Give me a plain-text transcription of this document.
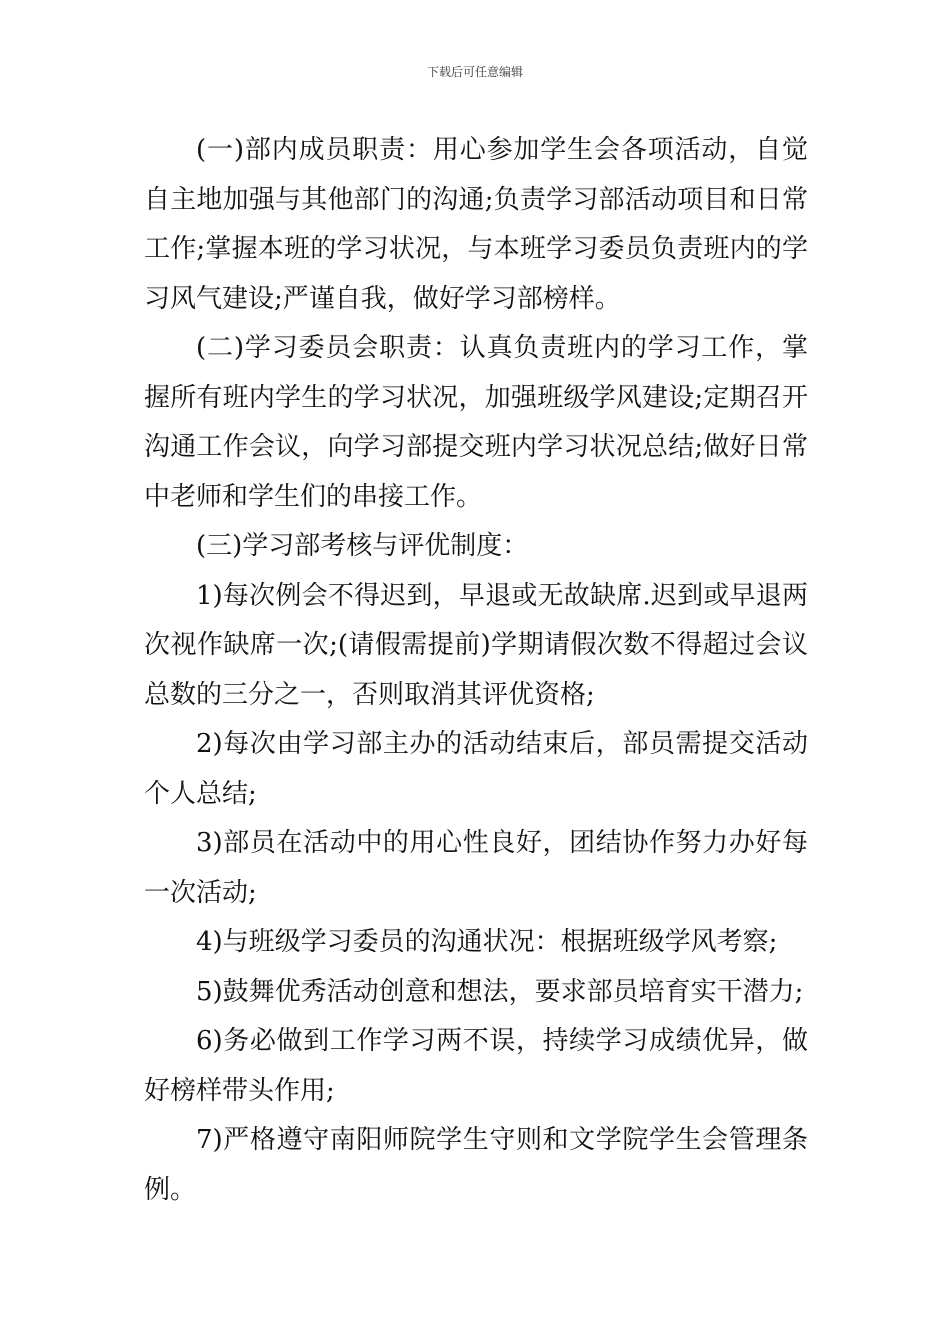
下载后可任意编辑

(一)部内成员职责：用心参加学生会各项活动，自觉自主地加强与其他部门的沟通;负责学习部活动项目和日常工作;掌握本班的学习状况，与本班学习委员负责班内的学习风气建设;严谨自我，做好学习部榜样。

(二)学习委员会职责：认真负责班内的学习工作，掌握所有班内学生的学习状况，加强班级学风建设;定期召开沟通工作会议，向学习部提交班内学习状况总结;做好日常中老师和学生们的串接工作。

(三)学习部考核与评优制度：

1)每次例会不得迟到，早退或无故缺席.迟到或早退两次视作缺席一次;(请假需提前)学期请假次数不得超过会议总数的三分之一，否则取消其评优资格;

2)每次由学习部主办的活动结束后，部员需提交活动个人总结;

3)部员在活动中的用心性良好，团结协作努力办好每一次活动;

4)与班级学习委员的沟通状况：根据班级学风考察;

5)鼓舞优秀活动创意和想法，要求部员培育实干潜力;

6)务必做到工作学习两不误，持续学习成绩优异，做好榜样带头作用;

7)严格遵守南阳师院学生守则和文学院学生会管理条例。
